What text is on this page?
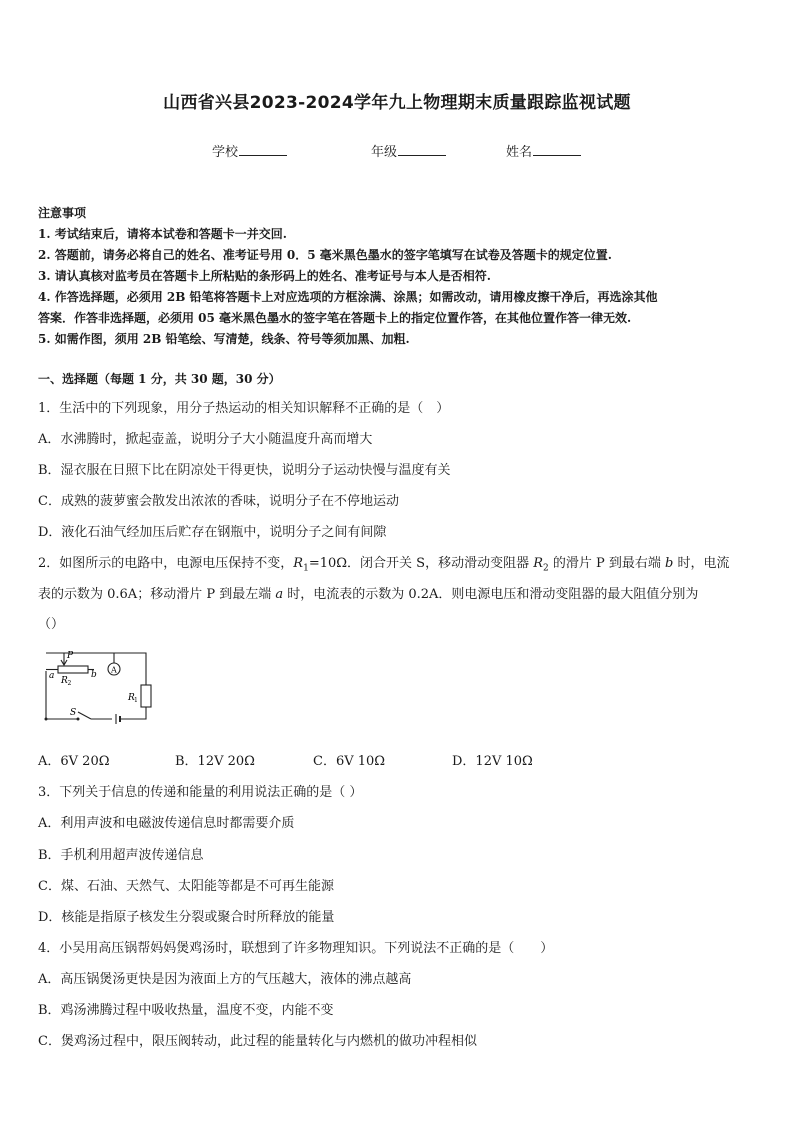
山西省兴县2023-2024学年九上物理期末质量跟踪监视试题
学校	年级	姓名
注意事项
1. 考试结束后，请将本试卷和答题卡一并交回.
2. 答题前，请务必将自己的姓名、准考证号用 0．5 毫米黑色墨水的签字笔填写在试卷及答题卡的规定位置.
3. 请认真核对监考员在答题卡上所粘贴的条形码上的姓名、准考证号与本人是否相符.
4. 作答选择题，必须用 2B 铅笔将答题卡上对应选项的方框涂满、涂黑；如需改动，请用橡皮擦干净后，再选涂其他
答案．作答非选择题，必须用 05 毫米黑色墨水的签字笔在答题卡上的指定位置作答，在其他位置作答一律无效.
5. 如需作图，须用 2B 铅笔绘、写清楚，线条、符号等须加黑、加粗.
一、选择题（每题 1 分，共 30 题，30 分）
1．生活中的下列现象，用分子热运动的相关知识解释不正确的是（　）
A．水沸腾时，掀起壶盖，说明分子大小随温度升高而增大
B．湿衣服在日照下比在阴凉处干得更快，说明分子运动快慢与温度有关
C．成熟的菠萝蜜会散发出浓浓的香味，说明分子在不停地运动
D．液化石油气经加压后贮存在钢瓶中，说明分子之间有间隙
2．如图所示的电路中，电源电压保持不变，$R_1=10\Omega$．闭合开关 S，移动滑动变阻器 $R_2$ 的滑片 P 到最右端 b 时，电流
表的示数为 0.6A；移动滑片 P 到最左端 a 时，电流表的示数为 0.2A．则电源电压和滑动变阻器的最大阻值分别为
（）
A
P
a	b
R 2
R 1
S
A．6V 20Ω	B．12V 20Ω	C．6V 10Ω	D．12V 10Ω
3．下列关于信息的传递和能量的利用说法正确的是（ ）
A．利用声波和电磁波传递信息时都需要介质
B．手机利用超声波传递信息
C．煤、石油、天然气、太阳能等都是不可再生能源
D．核能是指原子核发生分裂或聚合时所释放的能量
4．小吴用高压锅帮妈妈煲鸡汤时，联想到了许多物理知识。下列说法不正确的是（　　）
A．高压锅煲汤更快是因为液面上方的气压越大，液体的沸点越高
B．鸡汤沸腾过程中吸收热量，温度不变，内能不变
C．煲鸡汤过程中，限压阀转动，此过程的能量转化与内燃机的做功冲程相似
